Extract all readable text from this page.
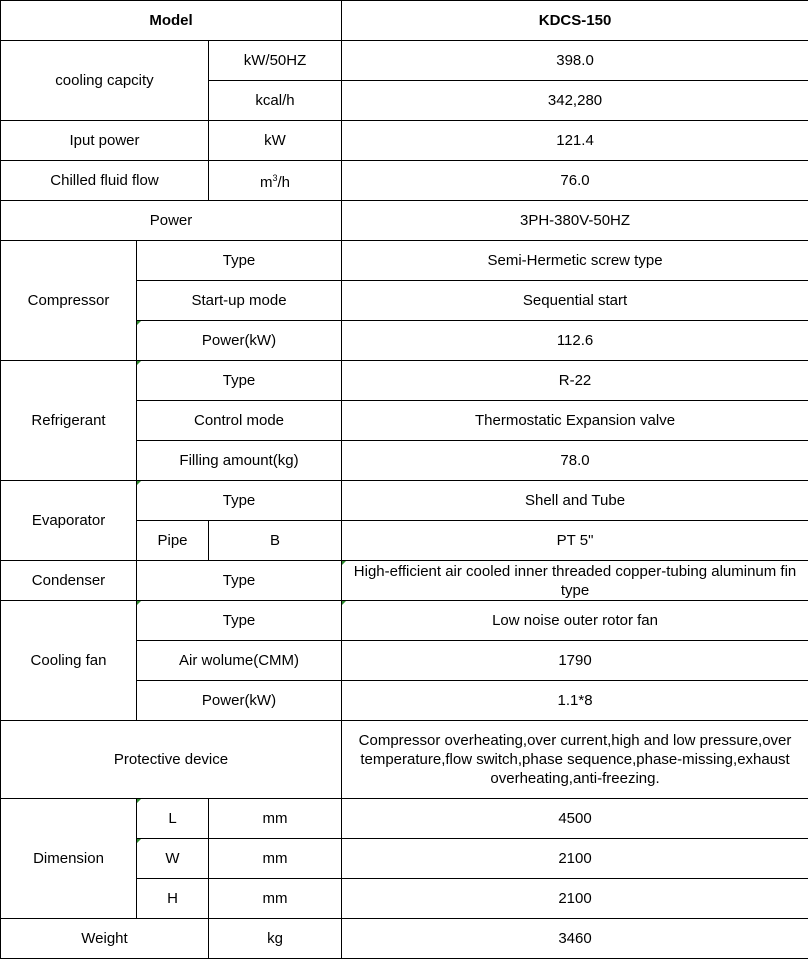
Model			KDCS-150
cooling capcity		kW/50HZ	398.0
		kcal/h	342,280
Iput power		kW	121.4
Chilled fluid flow		$m^3/h$	76.0
Power			3PH-380V-50HZ
Compressor	Type		Semi-Hermetic screw type
	Start-up mode		Sequential start
	Power(kW)		112.6
Refrigerant	Type		R-22
	Control mode		Thermostatic Expansion valve
	Filling amount(kg)		78.0
Evaporator	Type		Shell and Tube
	Pipe	B	PT 5"
Condenser	Type		High-efficient air cooled inner threaded copper-tubing aluminum fin type
Cooling fan	Type		Low noise outer rotor fan
	Air wolume(CMM)		1790
	Power(kW)		1.1*8
Protective device			Compressor overheating,over current,high and low pressure,over temperature,flow switch,phase sequence,phase-missing,exhaust overheating,anti-freezing.
Dimension	L	mm	4500
	W	mm	2100
	H	mm	2100
Weight		kg	3460
